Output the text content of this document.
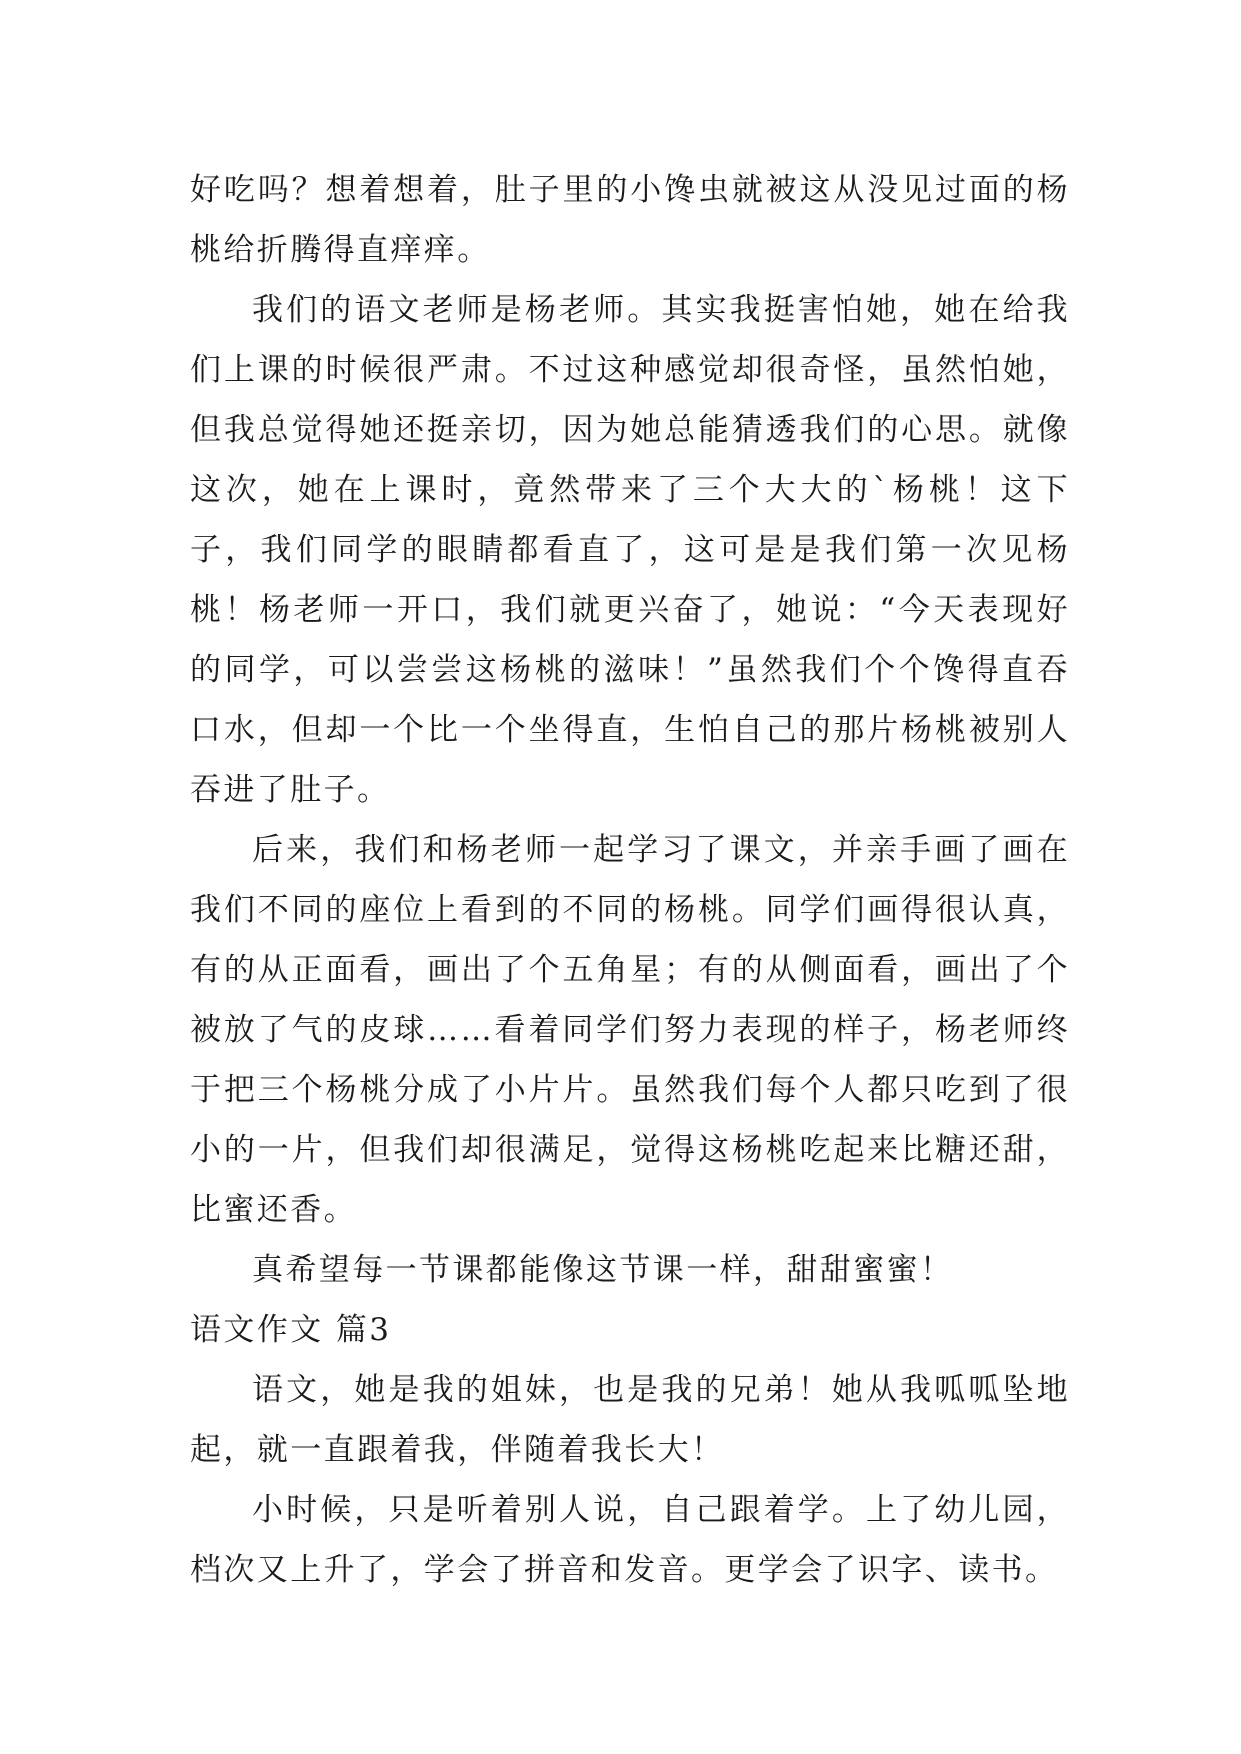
好吃吗？想着想着，肚子里的小馋虫就被这从没见过面的杨桃给折腾得直痒痒。

我们的语文老师是杨老师。其实我挺害怕她，她在给我们上课的时候很严肃。不过这种感觉却很奇怪，虽然怕她，但我总觉得她还挺亲切，因为她总能猜透我们的心思。就像这次，她在上课时，竟然带来了三个大大的`杨桃！这下子，我们同学的眼睛都看直了，这可是是我们第一次见杨桃！杨老师一开口，我们就更兴奋了，她说：“今天表现好的同学，可以尝尝这杨桃的滋味！”虽然我们个个馋得直吞口水，但却一个比一个坐得直，生怕自己的那片杨桃被别人吞进了肚子。

后来，我们和杨老师一起学习了课文，并亲手画了画在我们不同的座位上看到的不同的杨桃。同学们画得很认真，有的从正面看，画出了个五角星；有的从侧面看，画出了个被放了气的皮球……看着同学们努力表现的样子，杨老师终于把三个杨桃分成了小片片。虽然我们每个人都只吃到了很小的一片，但我们却很满足，觉得这杨桃吃起来比糖还甜，比蜜还香。

真希望每一节课都能像这节课一样，甜甜蜜蜜！

语文作文 篇3

语文，她是我的姐妹，也是我的兄弟！她从我呱呱坠地起，就一直跟着我，伴随着我长大！

小时候，只是听着别人说，自己跟着学。上了幼儿园，档次又上升了，学会了拼音和发音。更学会了识字、读书。
